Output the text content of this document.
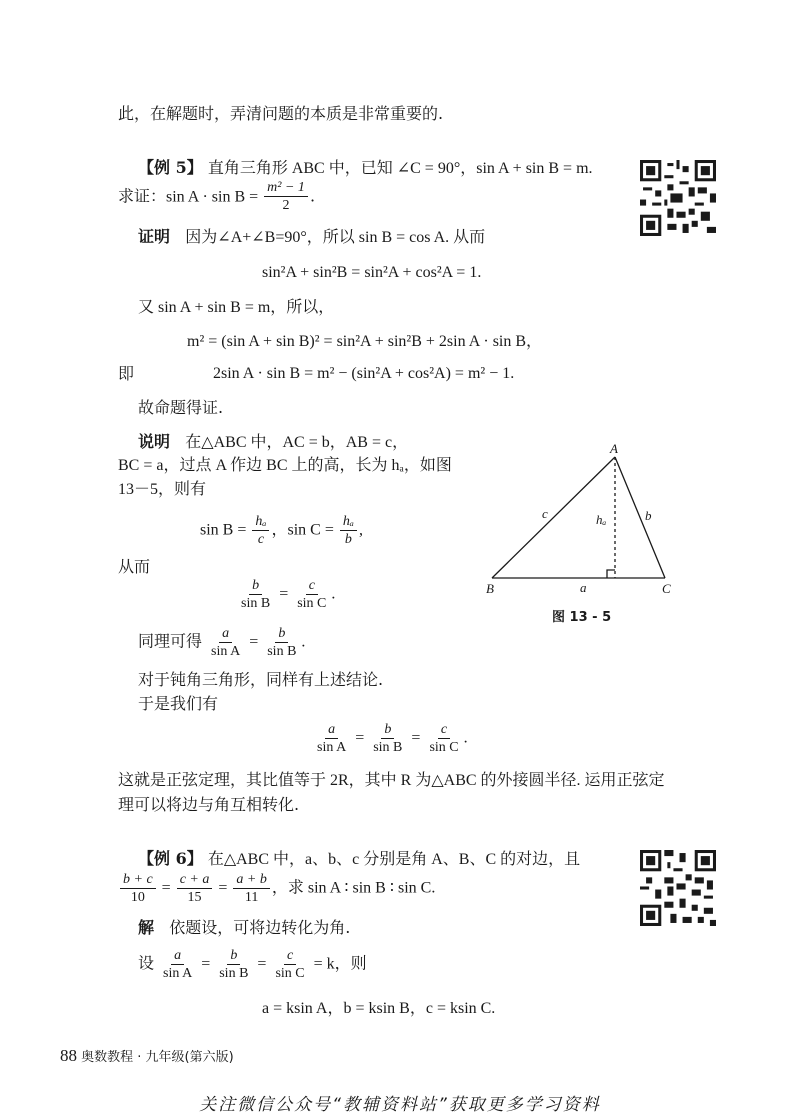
此，在解题时，弄清问题的本质是非常重要的.
【例 5】 直角三角形 ABC 中，已知 ∠C = 90°，sin A + sin B = m.
求证：$\sin A \cdot \sin B = \frac{\text{m² − 1}}{2}$ .
证明 因为∠A+∠B=90°，所以 sin B = cos A. 从而
sin²A + sin²B = sin²A + cos²A = 1.
又 sin A + sin B = m，所以，
m² = (sin A + sin B)² = sin²A + sin²B + 2sin A · sin B，
即	2sin A · sin B = m² − (sin²A + cos²A) = m² − 1.
故命题得证.
说明 在△ABC 中，AC = b，AB = c，
BC = a，过点 A 作边 BC 上的高，长为 hₐ，如图
13－5，则有
$\sin B = \frac{\text{hₐ}}{c}$ ，$\sin C = \frac{\text{hₐ}}{b}$ ,
从而
$\frac{b}{\text{sin B}} = \frac{c}{\text{sin C}}$ .
同理可得 $\frac{a}{\text{sin A}} = \frac{b}{\text{sin B}}$ .
对于钝角三角形，同样有上述结论.
于是我们有
$\frac{a}{\text{sin A}} = \frac{b}{\text{sin B}} = \frac{c}{\text{sin C}}$ .
这就是正弦定理，其比值等于 2R，其中 R 为△ABC 的外接圆半径. 运用正弦定
理可以将边与角互相转化.
A
B	C
a
b
c	hₐ
图 13 - 5
【例 6】 在△ABC 中，a、b、c 分别是角 A、B、C 的对边，且
$\frac{b + c}{10} = \frac{c + a}{15} = \frac{a + b}{11}$ ，求 sin A ∶ sin B ∶ sin C.
解 依题设，可将边转化为角.
设 $\frac{a}{\text{sin A}} = \frac{b}{\text{sin B}} = \frac{c}{\text{sin C}} = k$，则
a = ksin A，b = ksin B，c = ksin C.
88 奥数教程 · 九年级(第六版)
关注微信公众号“教辅资料站”获取更多学习资料
